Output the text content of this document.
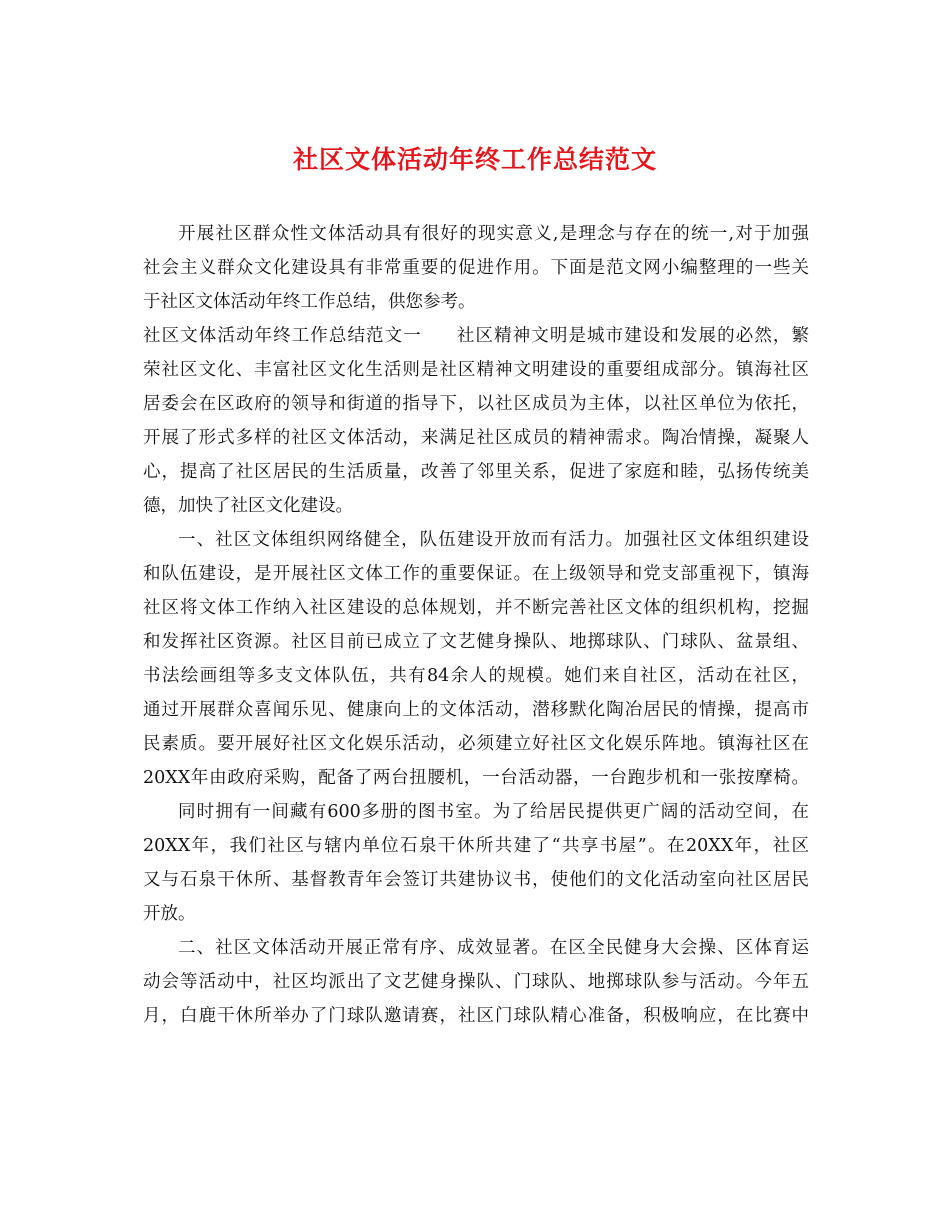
社区文体活动年终工作总结范文
开展社区群众性文体活动具有很好的现实意义,是理念与存在的统一,对于加强
社会主义群众文化建设具有非常重要的促进作用。下面是范文网小编整理的一些关
于社区文体活动年终工作总结，供您参考。
社区文体活动年终工作总结范文一 社区精神文明是城市建设和发展的必然，繁
荣社区文化、丰富社区文化生活则是社区精神文明建设的重要组成部分。镇海社区
居委会在区政府的领导和街道的指导下，以社区成员为主体，以社区单位为依托，
开展了形式多样的社区文体活动，来满足社区成员的精神需求。陶冶情操，凝聚人
心，提高了社区居民的生活质量，改善了邻里关系，促进了家庭和睦，弘扬传统美
德，加快了社区文化建设。
一、社区文体组织网络健全，队伍建设开放而有活力。加强社区文体组织建设
和队伍建设，是开展社区文体工作的重要保证。在上级领导和党支部重视下，镇海
社区将文体工作纳入社区建设的总体规划，并不断完善社区文体的组织机构，挖掘
和发挥社区资源。社区目前已成立了文艺健身操队、地掷球队、门球队、盆景组、
书法绘画组等多支文体队伍，共有84余人的规模。她们来自社区，活动在社区，
通过开展群众喜闻乐见、健康向上的文体活动，潜移默化陶冶居民的情操，提高市
民素质。要开展好社区文化娱乐活动，必须建立好社区文化娱乐阵地。镇海社区在
20XX年由政府采购，配备了两台扭腰机，一台活动器，一台跑步机和一张按摩椅。
同时拥有一间藏有600多册的图书室。为了给居民提供更广阔的活动空间，在
20XX年，我们社区与辖内单位石泉干休所共建了“共享书屋”。在20XX年，社区
又与石泉干休所、基督教青年会签订共建协议书，使他们的文化活动室向社区居民
开放。
二、社区文体活动开展正常有序、成效显著。在区全民健身大会操、区体育运
动会等活动中，社区均派出了文艺健身操队、门球队、地掷球队参与活动。今年五
月，白鹿干休所举办了门球队邀请赛，社区门球队精心准备，积极响应，在比赛中
